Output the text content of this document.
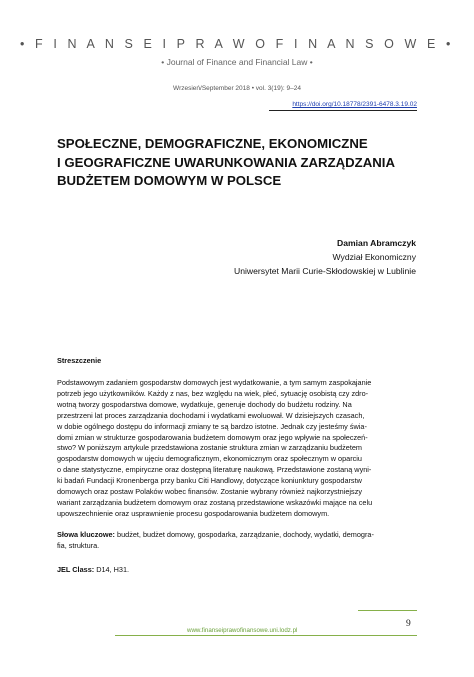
• F I N A N S E I P R A W O F I N A N S O W E •
• Journal of Finance and Financial Law •
Wrzesień/September 2018 • vol. 3(19): 9–24
https://doi.org/10.18778/2391-6478.3.19.02
SPOŁECZNE, DEMOGRAFICZNE, EKONOMICZNE
I GEOGRAFICZNE UWARUNKOWANIA ZARZĄDZANIA
BUDŻETEM DOMOWYM W POLSCE
Damian Abramczyk
Wydział Ekonomiczny
Uniwersytet Marii Curie-Skłodowskiej w Lublinie
Streszczenie
Podstawowym zadaniem gospodarstw domowych jest wydatkowanie, a tym samym zaspokajanie
potrzeb jego użytkowników. Każdy z nas, bez względu na wiek, płeć, sytuację osobistą czy zdro-
wotną tworzy gospodarstwa domowe, wydatkuje, generuje dochody do budżetu rodziny. Na
przestrzeni lat proces zarządzania dochodami i wydatkami ewoluował. W dzisiejszych czasach,
w dobie ogólnego dostępu do informacji zmiany te są bardzo istotne. Jednak czy jesteśmy świa-
domi zmian w strukturze gospodarowania budżetem domowym oraz jego wpływie na społeczeń-
stwo? W poniższym artykule przedstawiona zostanie struktura zmian w zarządzaniu budżetem
gospodarstw domowych w ujęciu demograficznym, ekonomicznym oraz społecznym w oparciu
o dane statystyczne, empiryczne oraz dostępną literaturę naukową. Przedstawione zostaną wyni-
ki badań Fundacji Kronenberga przy banku Citi Handlowy, dotyczące koniunktury gospodarstw
domowych oraz postaw Polaków wobec finansów. Zostanie wybrany również najkorzystniejszy
wariant zarządzania budżetem domowym oraz zostaną przedstawione wskazówki mające na celu
upowszechnienie oraz usprawnienie procesu gospodarowania budżetem domowym.
Słowa kluczowe: budżet, budżet domowy, gospodarka, zarządzanie, dochody, wydatki, demogra-
fia, struktura.
JEL Class: D14, H31.
9
www.finanseiprawofinansowe.uni.lodz.pl
